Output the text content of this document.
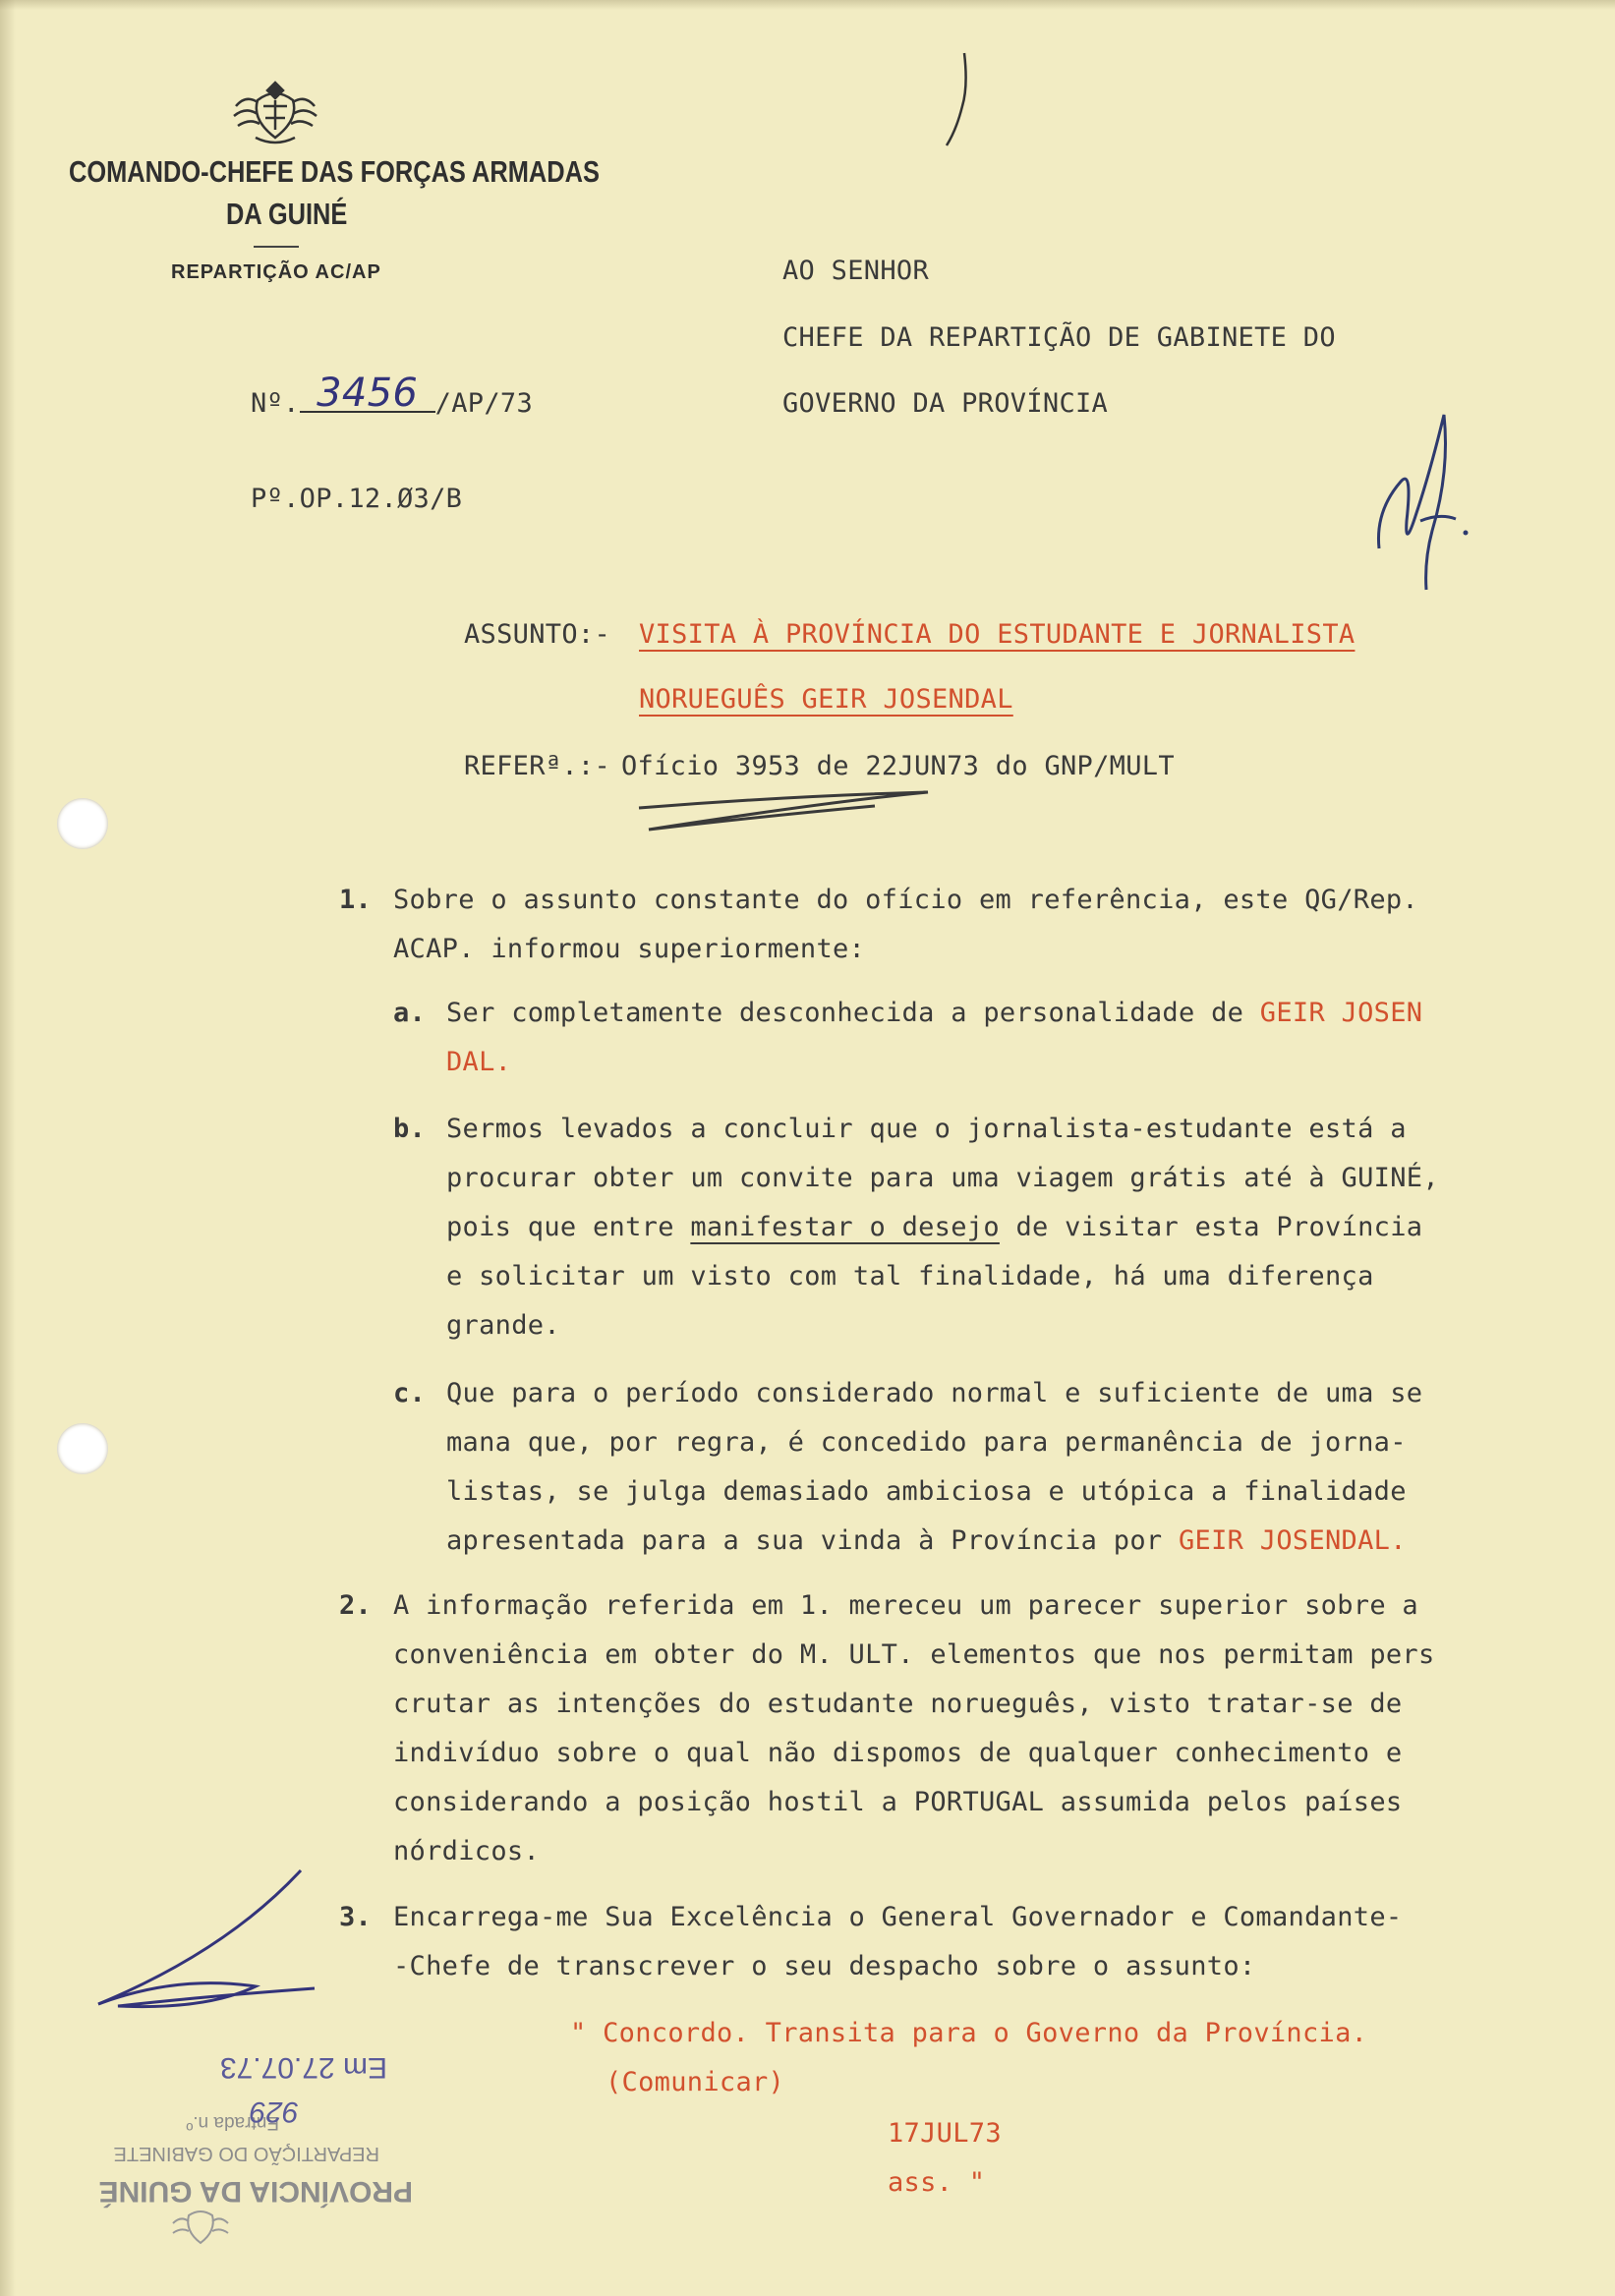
COMANDO-CHEFE DAS FORÇAS ARMADAS
DA GUINÉ
REPARTIÇÃO AC/AP
Nº. 3456 /AP/73
Pº.OP.12.Ø3/B
AO SENHOR
CHEFE DA REPARTIÇÃO DE GABINETE DO
GOVERNO DA PROVÍNCIA
ASSUNTO:- VISITA À PROVÍNCIA DO ESTUDANTE E JORNALISTA
NORUEGUÊS GEIR JOSENDAL
REFERª.:- Ofício 3953 de 22JUN73 do GNP/MULT
1. Sobre o assunto constante do ofício em referência, este QG/Rep.
ACAP. informou superiormente:
a. Ser completamente desconhecida a personalidade de GEIR JOSEN
DAL.
b. Sermos levados a concluir que o jornalista-estudante está a
procurar obter um convite para uma viagem grátis até à GUINÉ,
pois que entre manifestar o desejo de visitar esta Província
e solicitar um visto com tal finalidade, há uma diferença
grande.
c. Que para o período considerado normal e suficiente de uma se
mana que, por regra, é concedido para permanência de jorna-
listas, se julga demasiado ambiciosa e utópica a finalidade
apresentada para a sua vinda à Província por GEIR JOSENDAL.
2. A informação referida em 1. mereceu um parecer superior sobre a
conveniência em obter do M. ULT. elementos que nos permitam pers
crutar as intenções do estudante norueguês, visto tratar-se de
indivíduo sobre o qual não dispomos de qualquer conhecimento e
considerando a posição hostil a PORTUGAL assumida pelos países
nórdicos.
3. Encarrega-me Sua Excelência o General Governador e Comandante-
-Chefe de transcrever o seu despacho sobre o assunto:
" Concordo. Transita para o Governo da Província.
(Comunicar)
17JUL73
ass. "
PROVÍNCIA DA GUINÉ
REPARTIÇÃO DO GABINETE
Entrada n.º
Em 27.07.73
929
